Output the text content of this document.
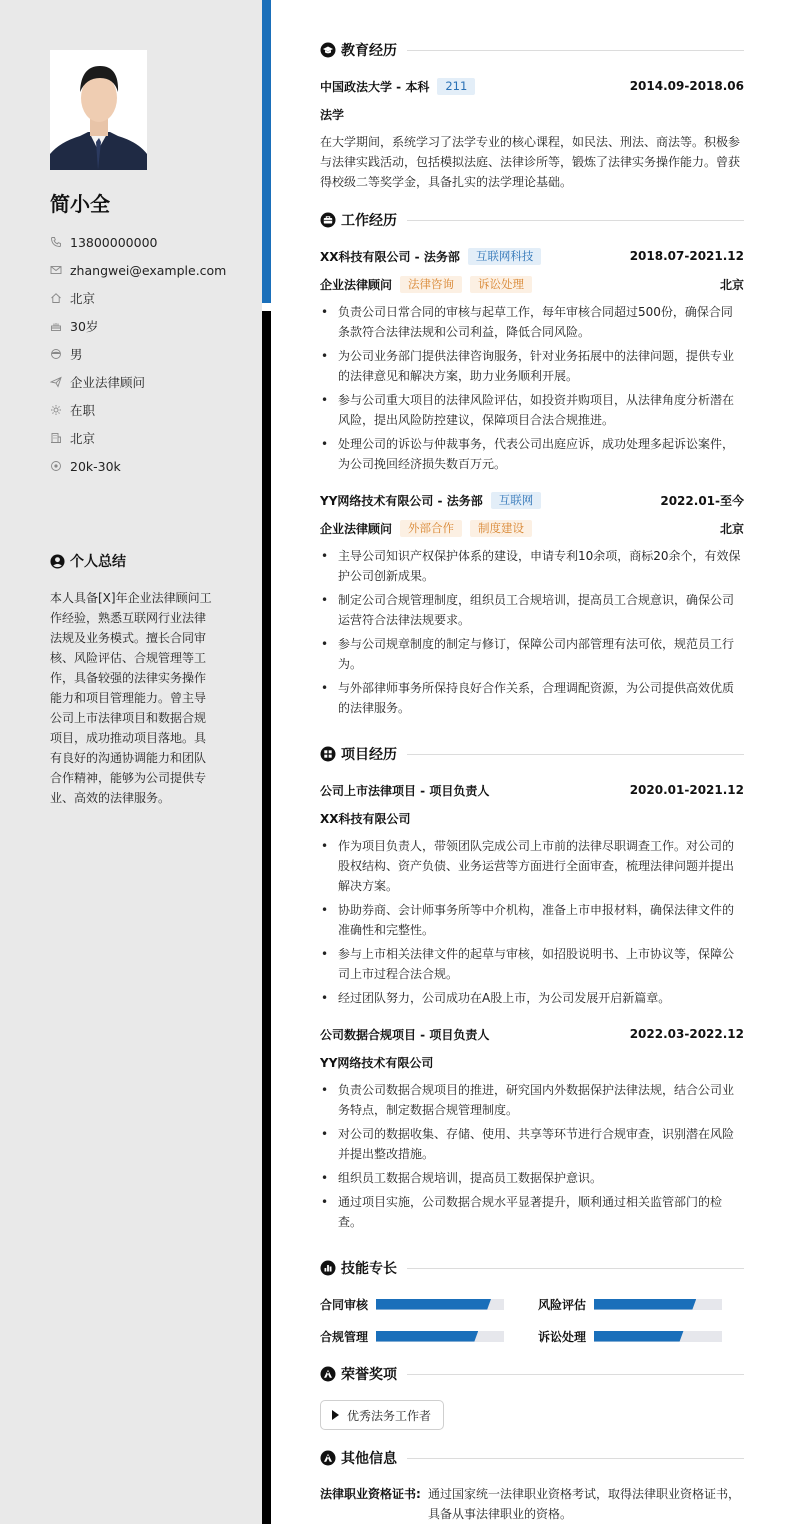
简小全
13800000000
zhangwei@example.com
北京
30岁
男
企业法律顾问
在职
北京
20k-30k
个人总结
本人具备[X]年企业法律顾问工作经验，熟悉互联网行业法律法规及业务模式。擅长合同审核、风险评估、合规管理等工作，具备较强的法律实务操作能力和项目管理能力。曾主导公司上市法律项目和数据合规项目，成功推动项目落地。具有良好的沟通协调能力和团队合作精神，能够为公司提供专业、高效的法律服务。
教育经历
中国政法大学 - 本科	211	2014.09-2018.06
法学
在大学期间，系统学习了法学专业的核心课程，如民法、刑法、商法等。积极参与法律实践活动，包括模拟法庭、法律诊所等，锻炼了法律实务操作能力。曾获得校级二等奖学金，具备扎实的法学理论基础。
工作经历
XX科技有限公司 - 法务部	互联网科技	2018.07-2021.12
企业法律顾问	法律咨询	诉讼处理	北京
• 负责公司日常合同的审核与起草工作，每年审核合同超过500份，确保合同条款符合法律法规和公司利益，降低合同风险。
• 为公司业务部门提供法律咨询服务，针对业务拓展中的法律问题，提供专业的法律意见和解决方案，助力业务顺利开展。
• 参与公司重大项目的法律风险评估，如投资并购项目，从法律角度分析潜在风险，提出风险防控建议，保障项目合法合规推进。
• 处理公司的诉讼与仲裁事务，代表公司出庭应诉，成功处理多起诉讼案件，为公司挽回经济损失数百万元。
YY网络技术有限公司 - 法务部	互联网	2022.01-至今
企业法律顾问	外部合作	制度建设	北京
• 主导公司知识产权保护体系的建设，申请专利10余项，商标20余个，有效保护公司创新成果。
• 制定公司合规管理制度，组织员工合规培训，提高员工合规意识，确保公司运营符合法律法规要求。
• 参与公司规章制度的制定与修订，保障公司内部管理有法可依，规范员工行为。
• 与外部律师事务所保持良好合作关系，合理调配资源，为公司提供高效优质的法律服务。
项目经历
公司上市法律项目 - 项目负责人	2020.01-2021.12
XX科技有限公司
• 作为项目负责人，带领团队完成公司上市前的法律尽职调查工作。对公司的股权结构、资产负债、业务运营等方面进行全面审查，梳理法律问题并提出解决方案。
• 协助券商、会计师事务所等中介机构，准备上市申报材料，确保法律文件的准确性和完整性。
• 参与上市相关法律文件的起草与审核，如招股说明书、上市协议等，保障公司上市过程合法合规。
• 经过团队努力，公司成功在A股上市，为公司发展开启新篇章。
公司数据合规项目 - 项目负责人	2022.03-2022.12
YY网络技术有限公司
• 负责公司数据合规项目的推进，研究国内外数据保护法律法规，结合公司业务特点，制定数据合规管理制度。
• 对公司的数据收集、存储、使用、共享等环节进行合规审查，识别潜在风险并提出整改措施。
• 组织员工数据合规培训，提高员工数据保护意识。
• 通过项目实施，公司数据合规水平显著提升，顺利通过相关监管部门的检查。
技能专长
合同审核	风险评估
合规管理	诉讼处理
荣誉奖项
优秀法务工作者
其他信息
法律职业资格证书: 通过国家统一法律职业资格考试，取得法律职业资格证书，具备从事法律职业的资格。
